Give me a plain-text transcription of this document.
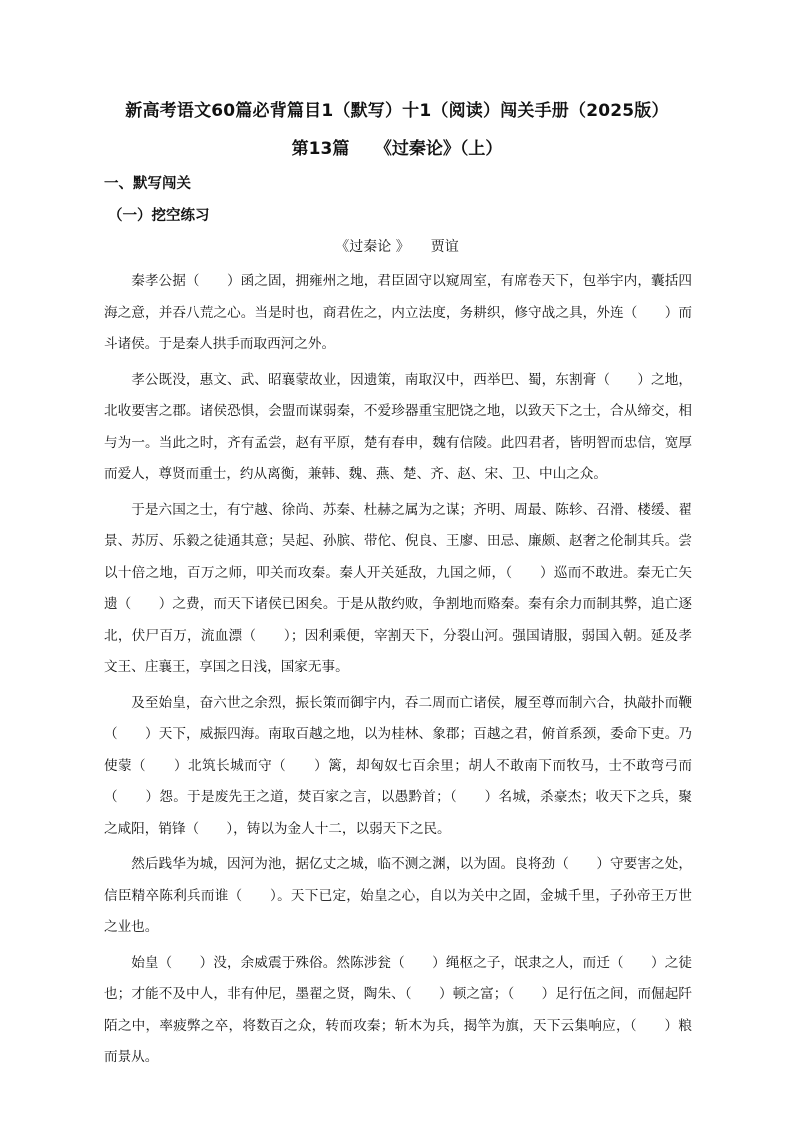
新高考语文60篇必背篇目1（默写）十1（阅读）闯关手册（2025版）
第13篇　　《过秦论》（上）
一、默写闯关
（一）挖空练习
《过秦论 》　　贾谊

秦孝公据（　　）函之固，拥雍州之地，君臣固守以窥周室，有席卷天下，包举宇内，囊括四海之意，并吞八荒之心。当是时也，商君佐之，内立法度，务耕织，修守战之具，外连（　　）而斗诸侯。于是秦人拱手而取西河之外。

孝公既没，惠文、武、昭襄蒙故业，因遗策，南取汉中，西举巴、蜀，东割膏（　　）之地，北收要害之郡。诸侯恐惧，会盟而谋弱秦，不爱珍器重宝肥饶之地，以致天下之士，合从缔交，相与为一。当此之时，齐有孟尝，赵有平原，楚有春申，魏有信陵。此四君者，皆明智而忠信，宽厚而爱人，尊贤而重士，约从离衡，兼韩、魏、燕、楚、齐、赵、宋、卫、中山之众。

于是六国之士，有宁越、徐尚、苏秦、杜赫之属为之谋；齐明、周最、陈轸、召滑、楼缓、翟景、苏厉、乐毅之徒通其意；吴起、孙膑、带佗、倪良、王廖、田忌、廉颇、赵奢之伦制其兵。尝以十倍之地，百万之师，叩关而攻秦。秦人开关延敌，九国之师，（　　）巡而不敢进。秦无亡矢遗（　　）之费，而天下诸侯已困矣。于是从散约败，争割地而赂秦。秦有余力而制其弊，追亡逐北，伏尸百万，流血漂（　　）；因利乘便，宰割天下，分裂山河。强国请服，弱国入朝。延及孝文王、庄襄王，享国之日浅，国家无事。

及至始皇，奋六世之余烈，振长策而御宇内，吞二周而亡诸侯，履至尊而制六合，执敲扑而鞭（　　）天下，威振四海。南取百越之地，以为桂林、象郡；百越之君，俯首系颈，委命下吏。乃使蒙（　　）北筑长城而守（　　）篱，却匈奴七百余里；胡人不敢南下而牧马，士不敢弯弓而（　　）怨。于是废先王之道，焚百家之言，以愚黔首；（　　）名城，杀豪杰；收天下之兵，聚之咸阳，销锋（　　），铸以为金人十二，以弱天下之民。

然后践华为城，因河为池，据亿丈之城，临不测之渊，以为固。良将劲（　　）守要害之处，信臣精卒陈利兵而谁（　　）。天下已定，始皇之心，自以为关中之固，金城千里，子孙帝王万世之业也。

始皇（　　）没，余威震于殊俗。然陈涉瓮（　　）绳枢之子，氓隶之人，而迁（　　）之徒也；才能不及中人，非有仲尼，墨翟之贤，陶朱、（　　）顿之富；（　　）足行伍之间，而倔起阡陌之中，率疲弊之卒，将数百之众，转而攻秦；斩木为兵，揭竿为旗，天下云集响应，（　　）粮而景从。
